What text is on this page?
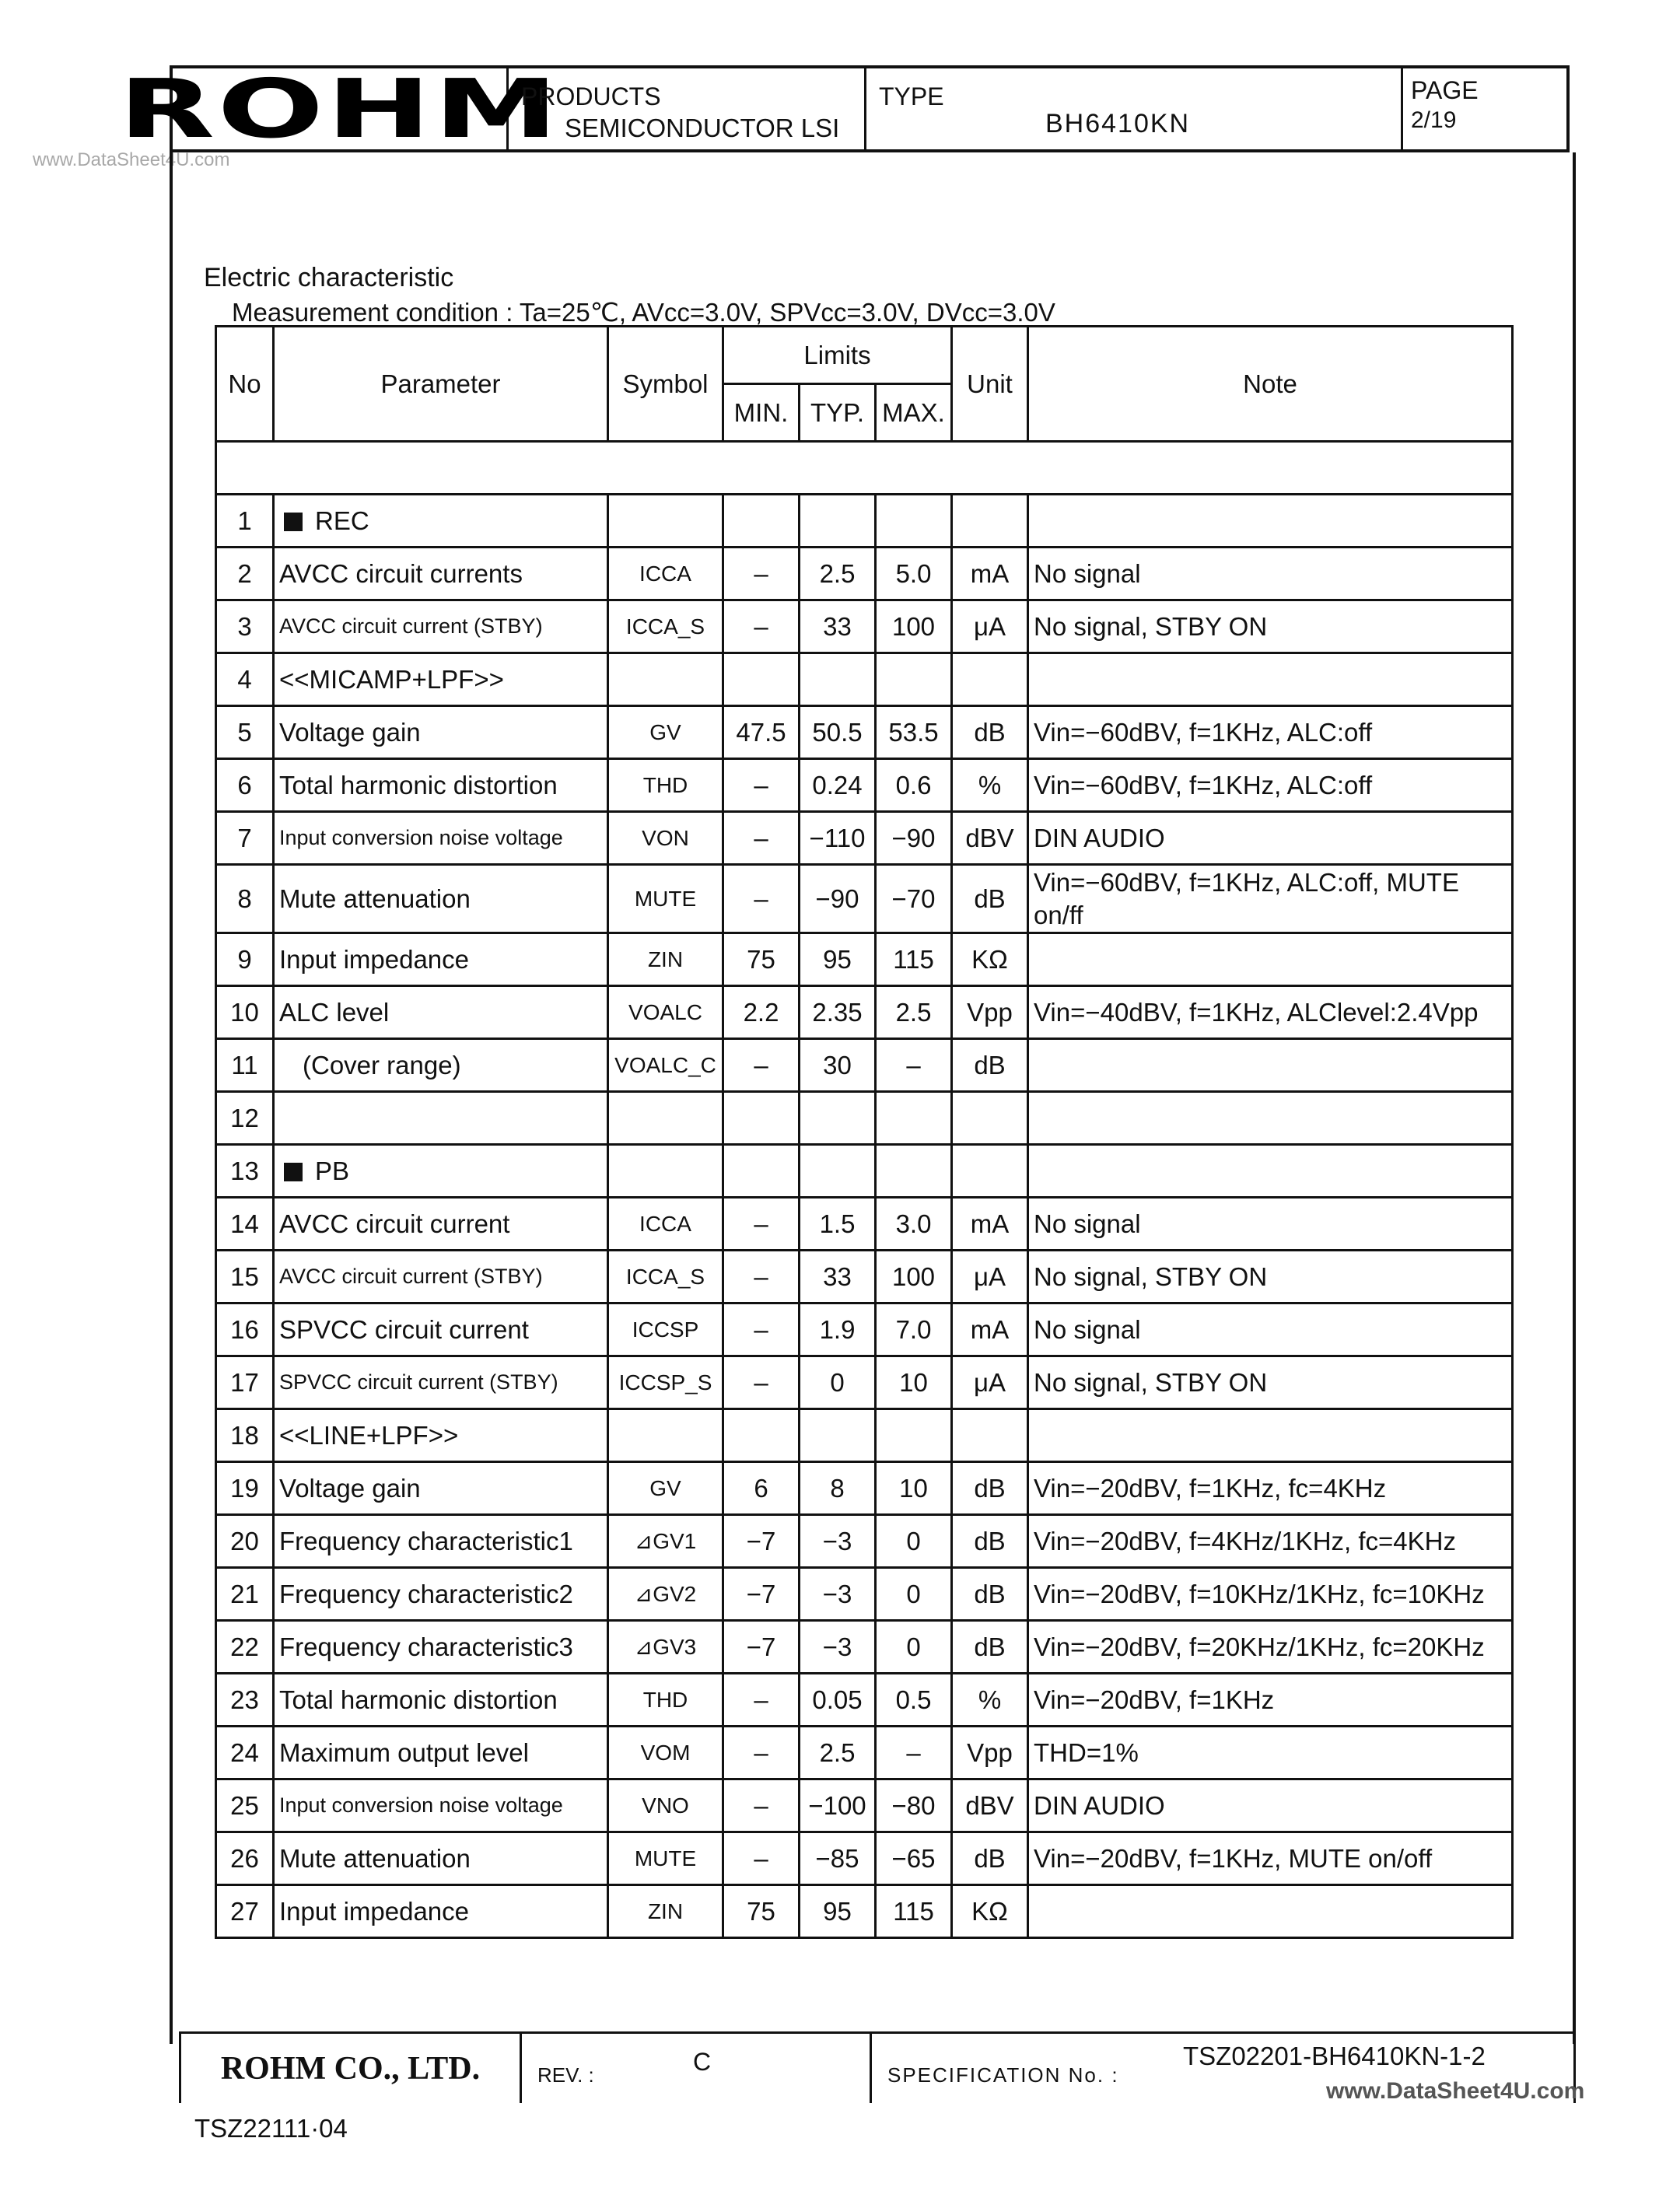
www.DataSheet4U.com
ROHM
PRODUCTS
SEMICONDUCTOR LSI
TYPE
BH6410KN
PAGE
2/19
Electric characteristic
Measurement condition : Ta=25℃, AVcc=3.0V, SPVcc=3.0V, DVcc=3.0V
No	Parameter	Symbol	Limits			Unit	Note
			MIN.	TYP.	MAX.		

1	REC						
2	AVCC circuit currents	ICCA	–	2.5	5.0	mA	No signal
3	AVCC circuit current (STBY)	ICCA_S	–	33	100	μA	No signal, STBY ON
4	<<MICAMP+LPF>>						
5	Voltage gain	GV	47.5	50.5	53.5	dB	Vin=−60dBV, f=1KHz, ALC:off
6	Total harmonic distortion	THD	–	0.24	0.6	%	Vin=−60dBV, f=1KHz, ALC:off
7	Input conversion noise voltage	VON	–	−110	−90	dBV	DIN AUDIO
8	Mute attenuation	MUTE	–	−90	−70	dB	Vin=−60dBV, f=1KHz, ALC:off, MUTE on/ff
9	Input impedance	ZIN	75	95	115	KΩ	
10	ALC level	VOALC	2.2	2.35	2.5	Vpp	Vin=−40dBV, f=1KHz, ALClevel:2.4Vpp
11	(Cover range)	VOALC_C	–	30	–	dB	
12							
13	PB						
14	AVCC circuit current	ICCA	–	1.5	3.0	mA	No signal
15	AVCC circuit current (STBY)	ICCA_S	–	33	100	μA	No signal, STBY ON
16	SPVCC circuit current	ICCSP	–	1.9	7.0	mA	No signal
17	SPVCC circuit current (STBY)	ICCSP_S	–	0	10	μA	No signal, STBY ON
18	<<LINE+LPF>>						
19	Voltage gain	GV	6	8	10	dB	Vin=−20dBV, f=1KHz, fc=4KHz
20	Frequency characteristic1	⊿GV1	−7	−3	0	dB	Vin=−20dBV, f=4KHz/1KHz, fc=4KHz
21	Frequency characteristic2	⊿GV2	−7	−3	0	dB	Vin=−20dBV, f=10KHz/1KHz, fc=10KHz
22	Frequency characteristic3	⊿GV3	−7	−3	0	dB	Vin=−20dBV, f=20KHz/1KHz, fc=20KHz
23	Total harmonic distortion	THD	–	0.05	0.5	%	Vin=−20dBV, f=1KHz
24	Maximum output level	VOM	–	2.5	–	Vpp	THD=1%
25	Input conversion noise voltage	VNO	–	−100	−80	dBV	DIN AUDIO
26	Mute attenuation	MUTE	–	−85	−65	dB	Vin=−20dBV, f=1KHz, MUTE on/off
27	Input impedance	ZIN	75	95	115	KΩ	
ROHM CO., LTD.	REV. :	C	SPECIFICATION No. :
TSZ02201-BH6410KN-1-2
www.DataSheet4U.com
TSZ22111·04
